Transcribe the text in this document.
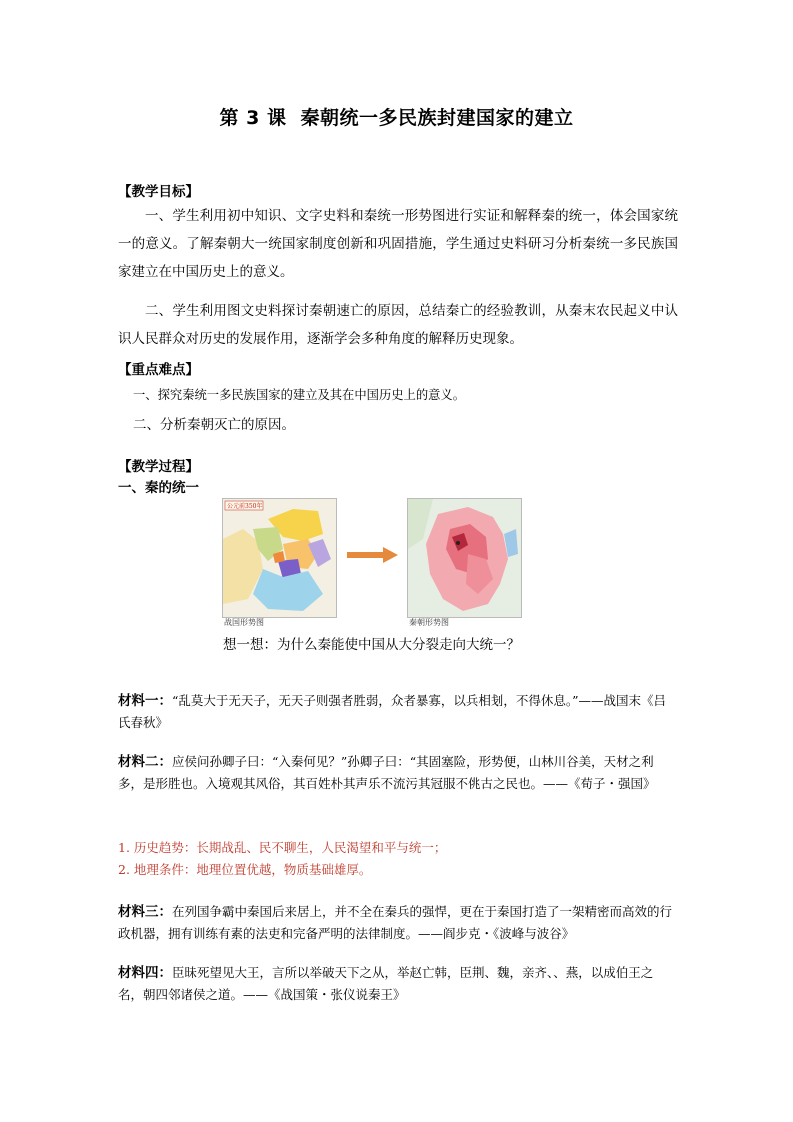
第 3 课 秦朝统一多民族封建国家的建立
【教学目标】
一、学生利用初中知识、文字史料和秦统一形势图进行实证和解释秦的统一，体会国家统一的意义。了解秦朝大一统国家制度创新和巩固措施，学生通过史料研习分析秦统一多民族国家建立在中国历史上的意义。
二、学生利用图文史料探讨秦朝速亡的原因，总结秦亡的经验教训，从秦末农民起义中认识人民群众对历史的发展作用，逐渐学会多种角度的解释历史现象。
【重点难点】
一、探究秦统一多民族国家的建立及其在中国历史上的意义。
二、分析秦朝灭亡的原因。
【教学过程】
一、秦的统一
公元前350年
战国形势图	秦朝形势图
想一想：为什么秦能使中国从大分裂走向大统一？
材料一：“乱莫大于无天子，无天子则强者胜弱，众者暴寡，以兵相刬，不得休息。”——战国末《吕氏春秋》
材料二：应侯问孙卿子曰：“入秦何见？”孙卿子曰：“其固塞险，形势便，山林川谷美，天材之利多，是形胜也。入境观其风俗，其百姓朴其声乐不流污其冠服不佻古之民也。——《荀子・强国》
1. 历史趋势：长期战乱、民不聊生，人民渴望和平与统一；
2. 地理条件：地理位置优越，物质基础雄厚。
材料三：在列国争霸中秦国后来居上，并不全在秦兵的强悍，更在于秦国打造了一架精密而高效的行政机器，拥有训练有素的法吏和完备严明的法律制度。——阎步克・《波峰与波谷》
材料四：臣昧死望见大王，言所以举破天下之从，举赵亡韩，臣荆、魏，亲齐、、燕，以成伯王之名，朝四邻诸侯之道。——《战国策・张仪说秦王》
